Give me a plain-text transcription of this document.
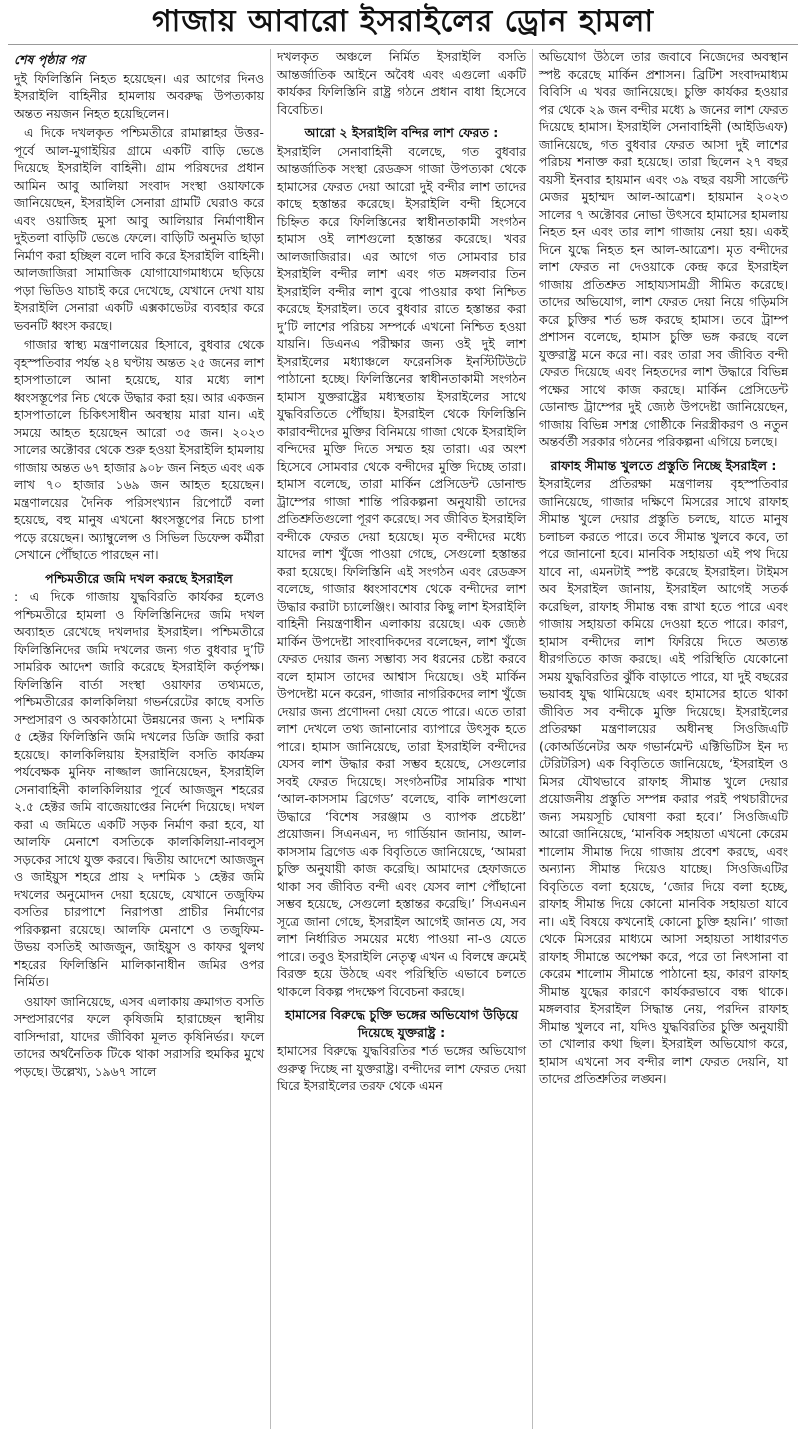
গাজায় আবারো ইসরাইলের ড্রোন হামলা
শেষ পৃষ্ঠার পর

দুই ফিলিস্তিনি নিহত হয়েছেন। এর আগের দিনও ইসরাইলি বাহিনীর হামলায় অবরুদ্ধ উপত্যকায় অন্তত নয়জন নিহত হয়েছিলেন।

এ দিকে দখলকৃত পশ্চিমতীরে রামাল্লাহর উত্তর-পূর্বে আল-মুগাইয়ির গ্রামে একটি বাড়ি ভেঙে দিয়েছে ইসরাইলি বাহিনী। গ্রাম পরিষদের প্রধান আমিন আবু আলিয়া সংবাদ সংস্থা ওয়াফাকে জানিয়েছেন, ইসরাইলি সেনারা গ্রামটি ঘেরাও করে এবং ওয়াজিহ মুসা আবু আলিয়ার নির্মাণাধীন দুইতলা বাড়িটি ভেঙে ফেলে। বাড়িটি অনুমতি ছাড়া নির্মাণ করা হচ্ছিল বলে দাবি করে ইসরাইলি বাহিনী। আলজাজিরা সামাজিক যোগাযোগমাধ্যমে ছড়িয়ে পড়া ভিডিও যাচাই করে দেখেছে, যেখানে দেখা যায় ইসরাইলি সেনারা একটি এক্সকাভেটর ব্যবহার করে ভবনটি ধ্বংস করছে।

গাজার স্বাস্থ্য মন্ত্রণালয়ের হিসাবে, বুধবার থেকে বৃহস্পতিবার পর্যন্ত ২৪ ঘণ্টায় অন্তত ২৫ জনের লাশ হাসপাতালে আনা হয়েছে, যার মধ্যে লাশ ধ্বংসস্তূপের নিচ থেকে উদ্ধার করা হয়। আর একজন হাসপাতালে চিকিৎসাধীন অবস্থায় মারা যান। এই সময়ে আহত হয়েছেন আরো ৩৫ জন। ২০২৩ সালের অক্টোবর থেকে শুরু হওয়া ইসরাইলি হামলায় গাজায় অন্তত ৬৭ হাজার ৯০৮ জন নিহত এবং এক লাখ ৭০ হাজার ১৬৯ জন আহত হয়েছেন। মন্ত্রণালয়ের দৈনিক পরিসংখ্যান রিপোর্টে বলা হয়েছে, বহু মানুষ এখনো ধ্বংসস্তূপের নিচে চাপা পড়ে রয়েছেন। অ্যাম্বুলেন্স ও সিভিল ডিফেন্স কর্মীরা সেখানে পৌঁছাতে পারছেন না।

পশ্চিমতীরে জমি দখল করছে ইসরাইল

: এ দিকে গাজায় যুদ্ধবিরতি কার্যকর হলেও পশ্চিমতীরে হামলা ও ফিলিস্তিনিদের জমি দখল অব্যাহত রেখেছে দখলদার ইসরাইল। পশ্চিমতীরে ফিলিস্তিনিদের জমি দখলের জন্য গত বুধবার দু’টি সামরিক আদেশ জারি করেছে ইসরাইলি কর্তৃপক্ষ। ফিলিস্তিনি বার্তা সংস্থা ওয়াফার তথ্যমতে, পশ্চিমতীরের কালকিলিয়া গভর্নরেটের কাছে বসতি সম্প্রসারণ ও অবকাঠামো উন্নয়নের জন্য ২ দশমিক ৫ হেক্টর ফিলিস্তিনি জমি দখলের ডিক্রি জারি করা হয়েছে। কালকিলিয়ায় ইসরাইলি বসতি কার্যক্রম পর্যবেক্ষক মুনিফ নাজ্জাল জানিয়েছেন, ইসরাইলি সেনাবাহিনী কালকিলিয়ার পূর্বে আজজুন শহরের ২.৫ হেক্টর জমি বাজেয়াপ্তের নির্দেশ দিয়েছে। দখল করা এ জমিতে একটি সড়ক নির্মাণ করা হবে, যা আলফি মেনাশে বসতিকে কালকিলিয়া-নাবলুস সড়কের সাথে যুক্ত করবে। দ্বিতীয় আদেশে আজজুন ও জাইয়ুস শহরে প্রায় ২ দশমিক ১ হেক্টর জমি দখলের অনুমোদন দেয়া হয়েছে, যেখানে তজুফিম বসতির চারপাশে নিরাপত্তা প্রাচীর নির্মাণের পরিকল্পনা রয়েছে। আলফি মেনাশে ও তজুফিম- উভয় বসতিই আজজুন, জাইয়ুস ও কাফর থুলথ শহরের ফিলিস্তিনি মালিকানাধীন জমির ওপর নির্মিত।

ওয়াফা জানিয়েছে, এসব এলাকায় ক্রমাগত বসতি সম্প্রসারণের ফলে কৃষিজমি হারাচ্ছেন স্থানীয় বাসিন্দারা, যাদের জীবিকা মূলত কৃষিনির্ভর। ফলে তাদের অর্থনৈতিক টিকে থাকা সরাসরি হুমকির মুখে পড়ছে। উল্লেখ্য, ১৯৬৭ সালে

দখলকৃত অঞ্চলে নির্মিত ইসরাইলি বসতি আন্তর্জাতিক আইনে অবৈধ এবং এগুলো একটি কার্যকর ফিলিস্তিনি রাষ্ট্র গঠনে প্রধান বাধা হিসেবে বিবেচিত।

আরো ২ ইসরাইলি বন্দির লাশ ফেরত :

ইসরাইলি সেনাবাহিনী বলেছে, গত বুধবার আন্তর্জাতিক সংস্থা রেডক্রস গাজা উপত্যকা থেকে হামাসের ফেরত দেয়া আরো দুই বন্দীর লাশ তাদের কাছে হস্তান্তর করেছে। ইসরাইলি বন্দী হিসেবে চিহ্নিত করে ফিলিস্তিনের স্বাধীনতাকামী সংগঠন হামাস ওই লাশগুলো হস্তান্তর করেছে। খবর আলজাজিরার। এর আগে গত সোমবার চার ইসরাইলি বন্দীর লাশ এবং গত মঙ্গলবার তিন ইসরাইলি বন্দীর লাশ বুঝে পাওয়ার কথা নিশ্চিত করেছে ইসরাইল। তবে বুধবার রাতে হস্তান্তর করা দু’টি লাশের পরিচয় সম্পর্কে এখনো নিশ্চিত হওয়া যায়নি। ডিএনএ পরীক্ষার জন্য ওই দুই লাশ ইসরাইলের মধ্যাঞ্চলে ফরেনসিক ইনস্টিটিউটে পাঠানো হচ্ছে। ফিলিস্তিনের স্বাধীনতাকামী সংগঠন হামাস যুক্তরাষ্ট্রের মধ্যস্থতায় ইসরাইলের সাথে যুদ্ধবিরতিতে পৌঁছায়। ইসরাইল থেকে ফিলিস্তিনি কারাবন্দীদের মুক্তির বিনিময়ে গাজা থেকে ইসরাইলি বন্দিদের মুক্তি দিতে সম্মত হয় তারা। এর অংশ হিসেবে সোমবার থেকে বন্দীদের মুক্তি দিচ্ছে তারা। হামাস বলেছে, তারা মার্কিন প্রেসিডেন্ট ডোনাল্ড ট্রাম্পের গাজা শান্তি পরিকল্পনা অনুযায়ী তাদের প্রতিশ্রুতিগুলো পূরণ করেছে। সব জীবিত ইসরাইলি বন্দীকে ফেরত দেয়া হয়েছে। মৃত বন্দীদের মধ্যে যাদের লাশ খুঁজে পাওয়া গেছে, সেগুলো হস্তান্তর করা হয়েছে। ফিলিস্তিনি এই সংগঠন এবং রেডক্রস বলেছে, গাজার ধ্বংসাবশেষ থেকে বন্দীদের লাশ উদ্ধার করাটা চ্যালেঞ্জিং। আবার কিছু লাশ ইসরাইলি বাহিনী নিয়ন্ত্রণাধীন এলাকায় রয়েছে। এক জ্যেষ্ঠ মার্কিন উপদেষ্টা সাংবাদিকদের বলেছেন, লাশ খুঁজে ফেরত দেয়ার জন্য সম্ভাব্য সব ধরনের চেষ্টা করবে বলে হামাস তাদের আশ্বাস দিয়েছে। ওই মার্কিন উপদেষ্টা মনে করেন, গাজার নাগরিকদের লাশ খুঁজে দেয়ার জন্য প্রণোদনা দেয়া যেতে পারে। এতে তারা লাশ দেখলে তথ্য জানানোর ব্যাপারে উৎসুক হতে পারে। হামাস জানিয়েছে, তারা ইসরাইলি বন্দীদের যেসব লাশ উদ্ধার করা সম্ভব হয়েছে, সেগুলোর সবই ফেরত দিয়েছে। সংগঠনটির সামরিক শাখা ‘আল-কাসসাম ব্রিগেড’ বলেছে, বাকি লাশগুলো উদ্ধারে ‘বিশেষ সরঞ্জাম ও ব্যাপক প্রচেষ্টা’ প্রয়োজন। সিএনএন, দ্য গার্ডিয়ান জানায়, আল-কাসসাম ব্রিগেড এক বিবৃতিতে জানিয়েছে, ‘আমরা চুক্তি অনুযায়ী কাজ করেছি। আমাদের হেফাজতে থাকা সব জীবিত বন্দী এবং যেসব লাশ পৌঁছানো সম্ভব হয়েছে, সেগুলো হস্তান্তর করেছি।’ সিএনএন সূত্রে জানা গেছে, ইসরাইল আগেই জানত যে, সব লাশ নির্ধারিত সময়ের মধ্যে পাওয়া না-ও যেতে পারে। তবুও ইসরাইলি নেতৃত্ব এখন এ বিলম্বে ক্রমেই বিরক্ত হয়ে উঠছে এবং পরিস্থিতি এভাবে চলতে থাকলে বিকল্প পদক্ষেপ বিবেচনা করছে।

হামাসের বিরুদ্ধে চুক্তি ভঙ্গের অভিযোগ উড়িয়ে দিয়েছে যুক্তরাষ্ট্র :

হামাসের বিরুদ্ধে যুদ্ধবিরতির শর্ত ভঙ্গের অভিযোগ গুরুত্ব দিচ্ছে না যুক্তরাষ্ট্র। বন্দীদের লাশ ফেরত দেয়া ঘিরে ইসরাইলের তরফ থেকে এমন

অভিযোগ উঠলে তার জবাবে নিজেদের অবস্থান স্পষ্ট করেছে মার্কিন প্রশাসন। ব্রিটিশ সংবাদমাধ্যম বিবিসি এ খবর জানিয়েছে। চুক্তি কার্যকর হওয়ার পর থেকে ২৯ জন বন্দীর মধ্যে ৯ জনের লাশ ফেরত দিয়েছে হামাস। ইসরাইলি সেনাবাহিনী (আইডিএফ) জানিয়েছে, গত বুধবার ফেরত আসা দুই লাশের পরিচয় শনাক্ত করা হয়েছে। তারা ছিলেন ২৭ বছর বয়সী ইনবার হায়মান এবং ৩৯ বছর বয়সী সার্জেন্ট মেজর মুহাম্মদ আল-আত্রেশ। হায়মান ২০২৩ সালের ৭ অক্টোবর নোভা উৎসবে হামাসের হামলায় নিহত হন এবং তার লাশ গাজায় নেয়া হয়। একই দিনে যুদ্ধে নিহত হন আল-আত্রেশ। মৃত বন্দীদের লাশ ফেরত না দেওয়াকে কেন্দ্র করে ইসরাইল গাজায় প্রতিশ্রুত সাহায্যসামগ্রী সীমিত করেছে। তাদের অভিযোগ, লাশ ফেরত দেয়া নিয়ে গড়িমসি করে চুক্তির শর্ত ভঙ্গ করছে হামাস। তবে ট্রাম্প প্রশাসন বলেছে, হামাস চুক্তি ভঙ্গ করছে বলে যুক্তরাষ্ট্র মনে করে না। বরং তারা সব জীবিত বন্দী ফেরত দিয়েছে এবং নিহতদের লাশ উদ্ধারে বিভিন্ন পক্ষের সাথে কাজ করছে। মার্কিন প্রেসিডেন্ট ডোনাল্ড ট্রাম্পের দুই জ্যেষ্ঠ উপদেষ্টা জানিয়েছেন, গাজায় বিভিন্ন সশস্ত্র গোষ্ঠীকে নিরস্ত্রীকরণ ও নতুন অন্তর্বর্তী সরকার গঠনের পরিকল্পনা এগিয়ে চলছে।

রাফাহ সীমান্ত খুলতে প্রস্তুতি নিচ্ছে ইসরাইল :

ইসরাইলের প্রতিরক্ষা মন্ত্রণালয় বৃহস্পতিবার জানিয়েছে, গাজার দক্ষিণে মিসরের সাথে রাফাহ সীমান্ত খুলে দেয়ার প্রস্তুতি চলছে, যাতে মানুষ চলাচল করতে পারে। তবে সীমান্ত খুলবে কবে, তা পরে জানানো হবে। মানবিক সহায়তা এই পথ দিয়ে যাবে না, এমনটাই স্পষ্ট করেছে ইসরাইল। টাইমস অব ইসরাইল জানায়, ইসরাইল আগেই সতর্ক করেছিল, রাফাহ সীমান্ত বন্ধ রাখা হতে পারে এবং গাজায় সহায়তা কমিয়ে দেওয়া হতে পারে। কারণ, হামাস বন্দীদের লাশ ফিরিয়ে দিতে অত্যন্ত ধীরগতিতে কাজ করছে। এই পরিস্থিতি যেকোনো সময় যুদ্ধবিরতির ঝুঁকি বাড়াতে পারে, যা দুই বছরের ভয়াবহ যুদ্ধ থামিয়েছে এবং হামাসের হাতে থাকা জীবিত সব বন্দীকে মুক্তি দিয়েছে। ইসরাইলের প্রতিরক্ষা মন্ত্রণালয়ের অধীনস্থ সিওজিএটি (কোঅর্ডিনেটর অফ গভার্নমেন্ট এক্টিভিটিস ইন দ্য টেরিটরিস) এক বিবৃতিতে জানিয়েছে, ‘ইসরাইল ও মিসর যৌথভাবে রাফাহ সীমান্ত খুলে দেয়ার প্রয়োজনীয় প্রস্তুতি সম্পন্ন করার পরই পথচারীদের জন্য সময়সূচি ঘোষণা করা হবে।’ সিওজিএটি আরো জানিয়েছে, ‘মানবিক সহায়তা এখনো কেরেম শালোম সীমান্ত দিয়ে গাজায় প্রবেশ করছে, এবং অন্যান্য সীমান্ত দিয়েও যাচ্ছে। সিওজিএটির বিবৃতিতে বলা হয়েছে, ‘জোর দিয়ে বলা হচ্ছে, রাফাহ সীমান্ত দিয়ে কোনো মানবিক সহায়তা যাবে না। এই বিষয়ে কখনোই কোনো চুক্তি হয়নি।’ গাজা থেকে মিসরের মাধ্যমে আসা সহায়তা সাধারণত রাফাহ সীমান্তে অপেক্ষা করে, পরে তা নিৎসানা বা কেরেম শালোম সীমান্তে পাঠানো হয়, কারণ রাফাহ সীমান্ত যুদ্ধের কারণে কার্যকরভাবে বন্ধ থাকে। মঙ্গলবার ইসরাইল সিদ্ধান্ত নেয়, পরদিন রাফাহ সীমান্ত খুলবে না, যদিও যুদ্ধবিরতির চুক্তি অনুযায়ী তা খোলার কথা ছিল। ইসরাইল অভিযোগ করে, হামাস এখনো সব বন্দীর লাশ ফেরত দেয়নি, যা তাদের প্রতিশ্রুতির লঙ্ঘন।
